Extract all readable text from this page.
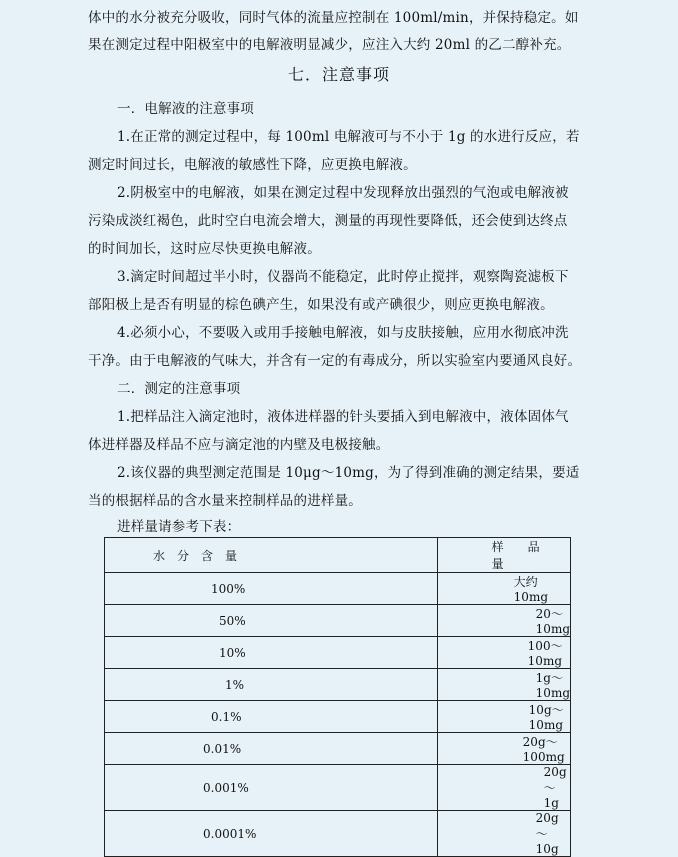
体中的水分被充分吸收，同时气体的流量应控制在 100ml/min，并保持稳定。如
果在测定过程中阳极室中的电解液明显减少，应注入大约 20ml 的乙二醇补充。
七．注意事项
一．电解液的注意事项
1.在正常的测定过程中，每 100ml 电解液可与不小于 1g 的水进行反应，若
测定时间过长，电解液的敏感性下降，应更换电解液。
2.阴极室中的电解液，如果在测定过程中发现释放出强烈的气泡或电解液被
污染成淡红褐色，此时空白电流会增大，测量的再现性要降低，还会使到达终点
的时间加长，这时应尽快更换电解液。
3.滴定时间超过半小时，仪器尚不能稳定，此时停止搅拌，观察陶瓷滤板下
部阳极上是否有明显的棕色碘产生，如果没有或产碘很少，则应更换电解液。
4.必须小心，不要吸入或用手接触电解液，如与皮肤接触，应用水彻底冲洗
干净。由于电解液的气味大，并含有一定的有毒成分，所以实验室内要通风良好。
二．测定的注意事项
1.把样品注入滴定池时，液体进样器的针头要插入到电解液中，液体固体气
体进样器及样品不应与滴定池的内壁及电极接触。
2.该仪器的典型测定范围是 10μg～10mg，为了得到准确的测定结果，要适
当的根据样品的含水量来控制样品的进样量。
进样量请参考下表：
水　分　含　量	样　　品　　量
100%	大约 10mg
50%	20～10mg
10%	100～10mg
1%	1g～10mg
0.1%	10g～10mg
0.01%	20g～100mg
0.001%	20g～1g
0.0001%	20g～10g
